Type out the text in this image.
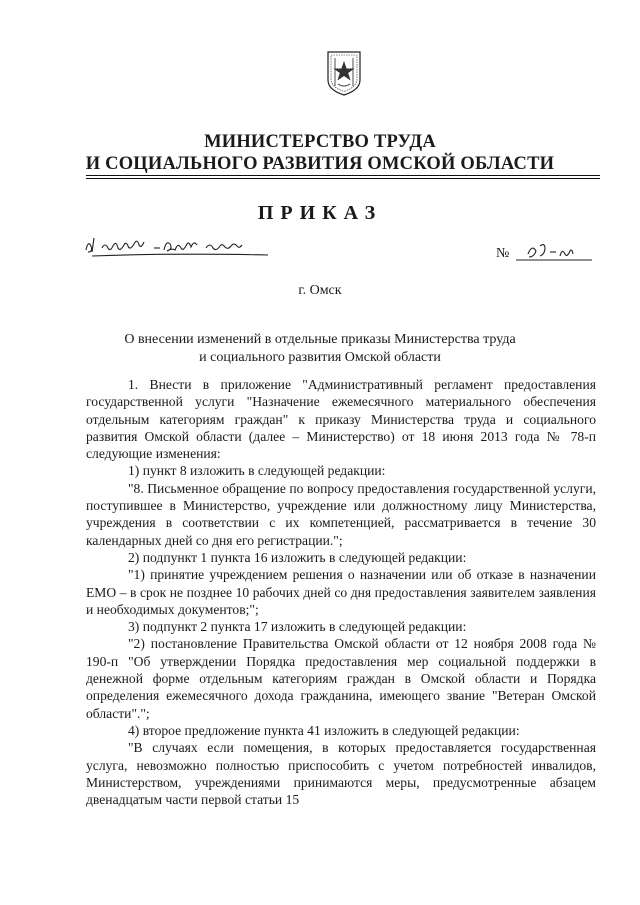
МИНИСТЕРСТВО ТРУДА
И СОЦИАЛЬНОГО РАЗВИТИЯ ОМСКОЙ ОБЛАСТИ
ПРИКАЗ
№
г. Омск
О внесении изменений в отдельные приказы Министерства труда
и социального развития Омской области

1. Внести в приложение "Административный регламент предоставления государственной услуги "Назначение ежемесячного материального обеспечения отдельным категориям граждан" к приказу Министерства труда и социального развития Омской области (далее – Министерство) от 18 июня 2013 года № 78-п следующие изменения:

1) пункт 8 изложить в следующей редакции:

"8. Письменное обращение по вопросу предоставления государственной услуги, поступившее в Министерство, учреждение или должностному лицу Министерства, учреждения в соответствии с их компетенцией, рассматривается в течение 30 календарных дней со дня его регистрации.";

2) подпункт 1 пункта 16 изложить в следующей редакции:

"1) принятие учреждением решения о назначении или об отказе в назначении ЕМО – в срок не позднее 10 рабочих дней со дня предоставления заявителем заявления и необходимых документов;";

3) подпункт 2 пункта 17 изложить в следующей редакции:

"2) постановление Правительства Омской области от 12 ноября 2008 года № 190-п "Об утверждении Порядка предоставления мер социальной поддержки в денежной форме отдельным категориям граждан в Омской области и Порядка определения ежемесячного дохода гражданина, имеющего звание "Ветеран Омской области".";

4) второе предложение пункта 41 изложить в следующей редакции:

"В случаях если помещения, в которых предоставляется государственная услуга, невозможно полностью приспособить с учетом потребностей инвалидов, Министерством, учреждениями принимаются меры, предусмотренные абзацем двенадцатым части первой статьи 15
